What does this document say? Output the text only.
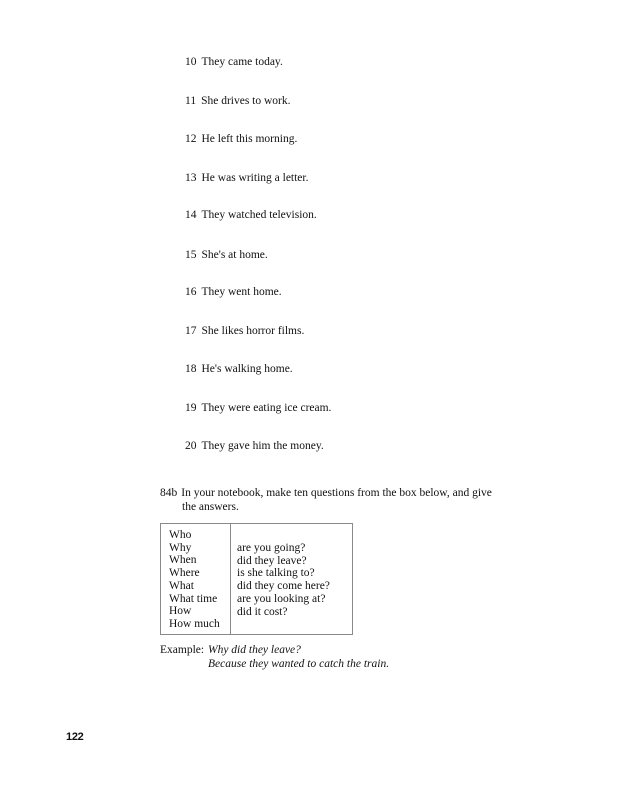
10 They came today.
11 She drives to work.
12 He left this morning.
13 He was writing a letter.
14 They watched television.
15 She's at home.
16 They went home.
17 She likes horror films.
18 He's walking home.
19 They were eating ice cream.
20 They gave him the money.
84b In your notebook, make ten questions from the box below, and give
the answers.
Who
Why
When
Where
What
What time
How
How much
are you going?
did they leave?
is she talking to?
did they come here?
are you looking at?
did it cost?
Example: Why did they leave?
Because they wanted to catch the train.
122
